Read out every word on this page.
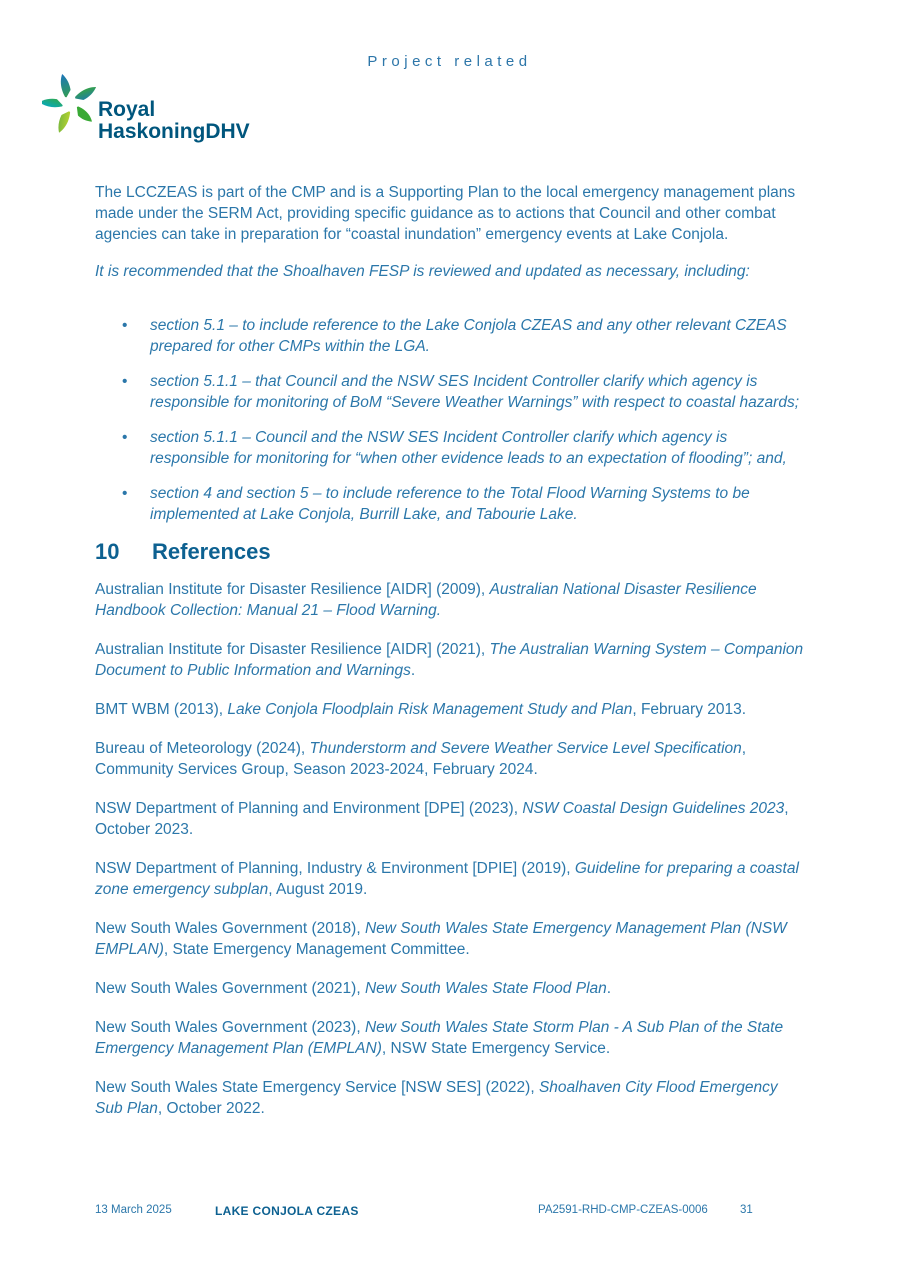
Project related
Royal
HaskoningDHV

The LCCZEAS is part of the CMP and is a Supporting Plan to the local emergency management plans made under the SERM Act, providing specific guidance as to actions that Council and other combat agencies can take in preparation for “coastal inundation” emergency events at Lake Conjola.

It is recommended that the Shoalhaven FESP is reviewed and updated as necessary, including:

• section 5.1 – to include reference to the Lake Conjola CZEAS and any other relevant CZEAS prepared for other CMPs within the LGA.
• section 5.1.1 – that Council and the NSW SES Incident Controller clarify which agency is responsible for monitoring of BoM “Severe Weather Warnings” with respect to coastal hazards;
• section 5.1.1 – Council and the NSW SES Incident Controller clarify which agency is responsible for monitoring for “when other evidence leads to an expectation of flooding”; and,
• section 4 and section 5 – to include reference to the Total Flood Warning Systems to be implemented at Lake Conjola, Burrill Lake, and Tabourie Lake.
10 References

Australian Institute for Disaster Resilience [AIDR] (2009), Australian National Disaster Resilience Handbook Collection: Manual 21 – Flood Warning.

Australian Institute for Disaster Resilience [AIDR] (2021), The Australian Warning System – Companion Document to Public Information and Warnings.

BMT WBM (2013), Lake Conjola Floodplain Risk Management Study and Plan, February 2013.

Bureau of Meteorology (2024), Thunderstorm and Severe Weather Service Level Specification, Community Services Group, Season 2023-2024, February 2024.

NSW Department of Planning and Environment [DPE] (2023), NSW Coastal Design Guidelines 2023, October 2023.

NSW Department of Planning, Industry & Environment [DPIE] (2019), Guideline for preparing a coastal zone emergency subplan, August 2019.

New South Wales Government (2018), New South Wales State Emergency Management Plan (NSW EMPLAN), State Emergency Management Committee.

New South Wales Government (2021), New South Wales State Flood Plan.

New South Wales Government (2023), New South Wales State Storm Plan - A Sub Plan of the State Emergency Management Plan (EMPLAN), NSW State Emergency Service.

New South Wales State Emergency Service [NSW SES] (2022), Shoalhaven City Flood Emergency Sub Plan, October 2022.

13 March 2025	LAKE CONJOLA CZEAS	PA2591-RHD-CMP-CZEAS-0006	31
